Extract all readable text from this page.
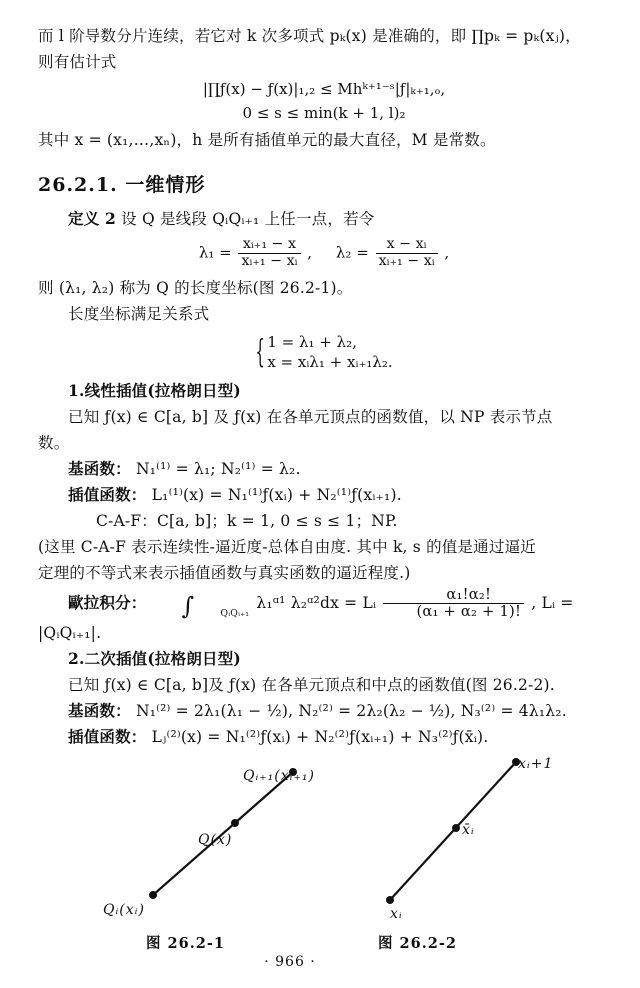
而 l 阶导数分片连续，若它对 k 次多项式 pₖ(x) 是准确的，即 ∏pₖ = pₖ(xⱼ)，

则有估计式

|∏ƒ(x) − ƒ(x)|₁,₂ ≤ Mhᵏ⁺¹⁻ˢ|ƒ|ₖ₊₁,ₒ,

0 ≤ s ≤ min(k + 1, l)₂

其中 x = (x₁,…,xₙ)，h 是所有插值单元的最大直径，M 是常数。

26.2.1. 一维情形

定义 2 设 Q 是线段 QᵢQᵢ₊₁ 上任一点，若令

$\lambda_1 = \frac{\text{xᵢ₊₁ − x}}{\text{xᵢ₊₁ − xᵢ}}$ ,     $\lambda_2 = \frac{\text{x − xᵢ}}{\text{xᵢ₊₁ − xᵢ}}$ ,

则 (λ₁, λ₂) 称为 Q 的长度坐标(图 26.2-1)。

长度坐标满足关系式

{ 1 = λ₁ + λ₂,
x = xᵢλ₁ + xᵢ₊₁λ₂.

1.线性插值(拉格朗日型)

已知 ƒ(x) ∈ C[a, b] 及 ƒ(x) 在各单元顶点的函数值，以 NP 表示节点

数。

基函数： N₁⁽¹⁾ = λ₁; N₂⁽¹⁾ = λ₂.

插值函数： L₁⁽¹⁾(x) = N₁⁽¹⁾ƒ(xᵢ) + N₂⁽¹⁾ƒ(xᵢ₊₁).

C-A-F：C[a, b]；k = 1, 0 ≤ s ≤ 1；NP.

(这里 C-A-F 表示连续性-逼近度-总体自由度. 其中 k, s 的值是通过逼近

定理的不等式来表示插值函数与真实函数的逼近程度.)

歐拉积分： ∫	QᵢQᵢ₊₁ λ₁ᵅ¹ λ₂ᵅ²dx = Lᵢ $\frac{\text{α₁!α₂!}}{\text{(α₁ + α₂ + 1)!}}$ , Lᵢ = |QᵢQᵢ₊₁|.

2.二次插值(拉格朗日型)

已知 ƒ(x) ∈ C[a, b]及 ƒ(x) 在各单元顶点和中点的函数值(图 26.2-2).

基函数： N₁⁽²⁾ = 2λ₁(λ₁ − ½), N₂⁽²⁾ = 2λ₂(λ₂ − ½), N₃⁽²⁾ = 4λ₁λ₂.

插值函数： Lⱼ⁽²⁾(x) = N₁⁽²⁾ƒ(xᵢ) + N₂⁽²⁾ƒ(xᵢ₊₁) + N₃⁽²⁾ƒ(x̄ᵢ).

Qᵢ₊₁(xᵢ₊₁)
Q(x)
Qᵢ(xᵢ)
xᵢ+1
x̄ᵢ
xᵢ
图 26.2-1	图 26.2-2
· 966 ·
